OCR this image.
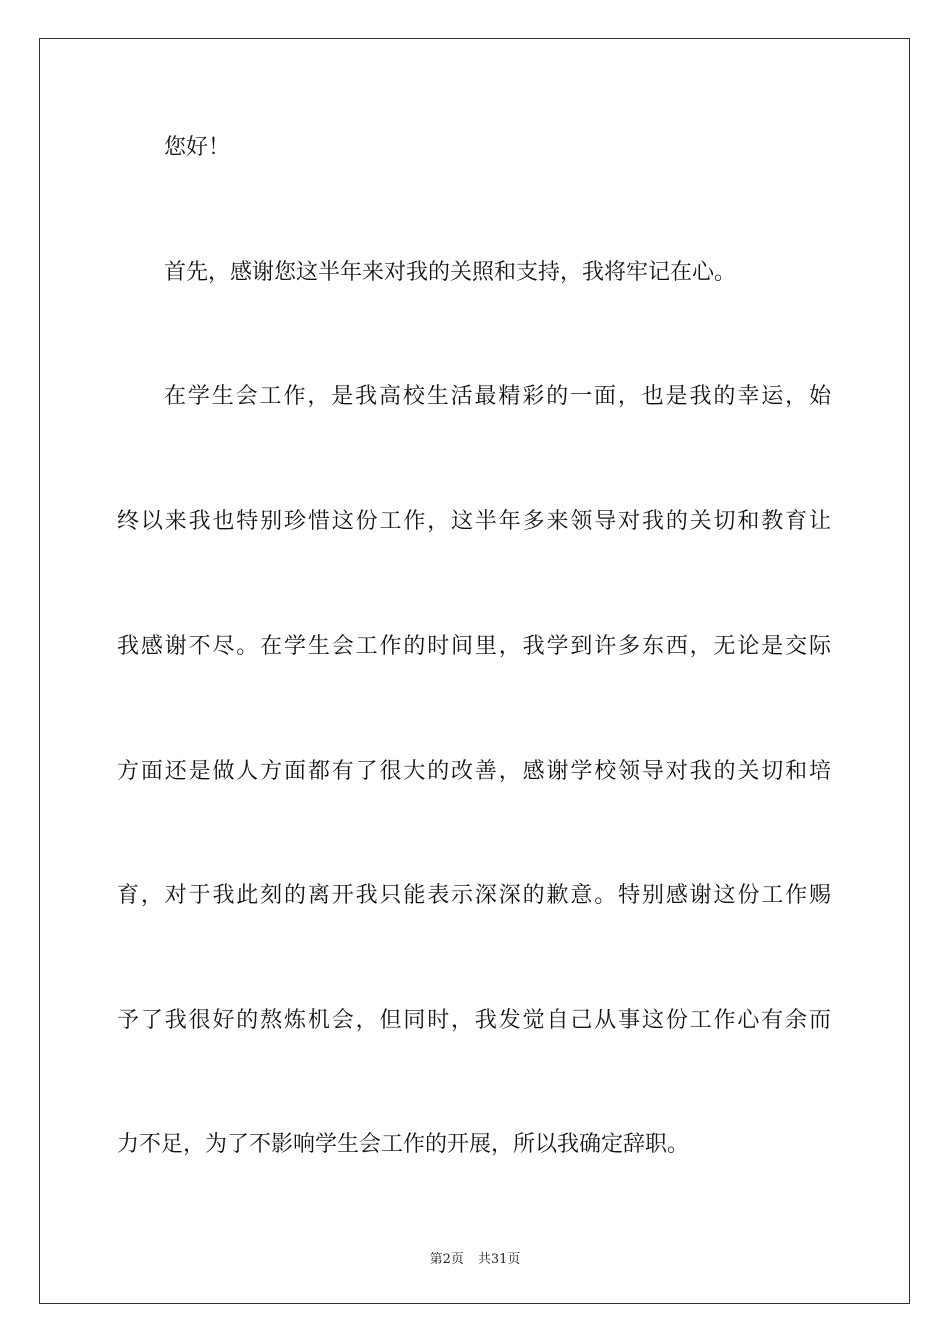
您好！
首先，感谢您这半年来对我的关照和支持，我将牢记在心。
在学生会工作，是我高校生活最精彩的一面，也是我的幸运，始
终以来我也特别珍惜这份工作，这半年多来领导对我的关切和教育让
我感谢不尽。在学生会工作的时间里，我学到许多东西，无论是交际
方面还是做人方面都有了很大的改善，感谢学校领导对我的关切和培
育，对于我此刻的离开我只能表示深深的歉意。特别感谢这份工作赐
予了我很好的熬炼机会，但同时，我发觉自己从事这份工作心有余而
力不足，为了不影响学生会工作的开展，所以我确定辞职。
第2页 共31页
